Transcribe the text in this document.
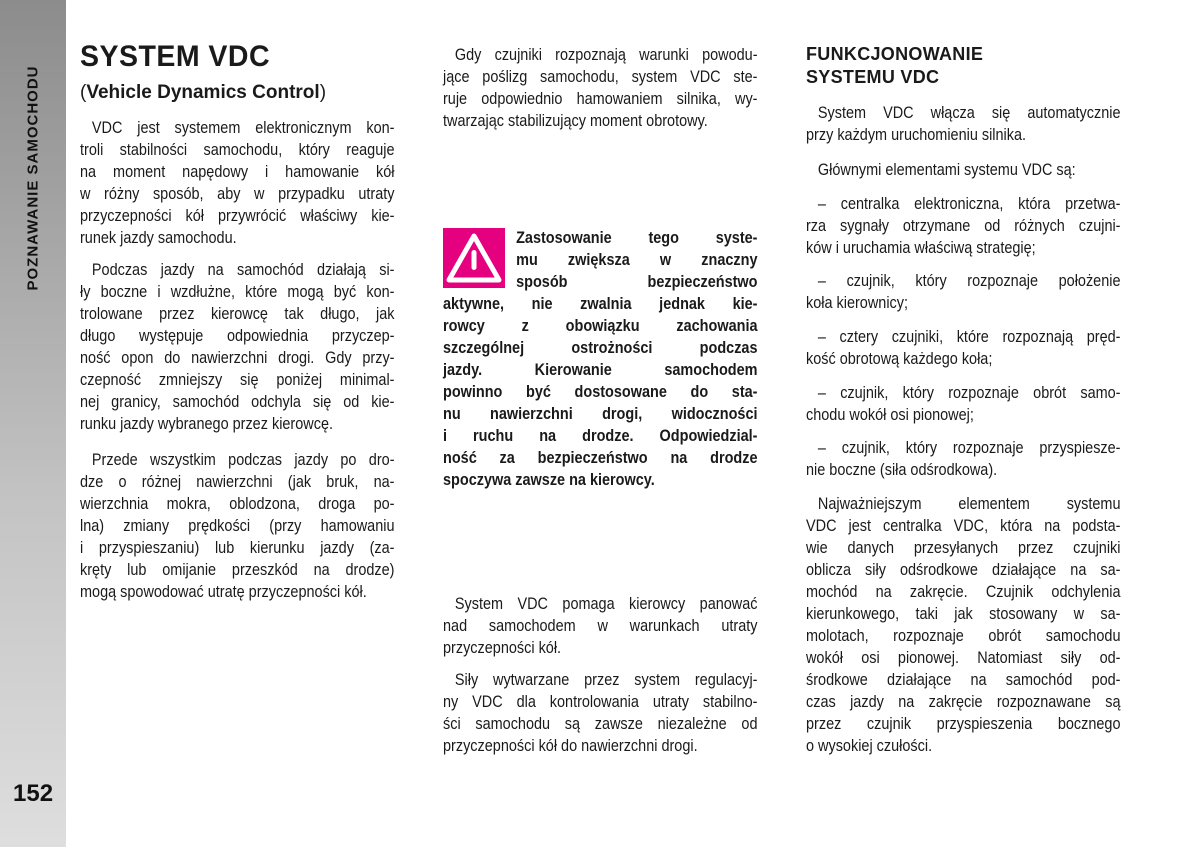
POZNAWANIE SAMOCHODU
152
SYSTEM VDC
(Vehicle Dynamics Control)
VDC jest systemem elektronicznym kon-
troli stabilności samochodu, który reaguje
na moment napędowy i hamowanie kół
w różny sposób, aby w przypadku utraty
przyczepności kół przywrócić właściwy kie-
runek jazdy samochodu.
Podczas jazdy na samochód działają si-
ły boczne i wzdłużne, które mogą być kon-
trolowane przez kierowcę tak długo, jak
długo występuje odpowiednia przyczep-
ność opon do nawierzchni drogi. Gdy przy-
czepność zmniejszy się poniżej minimal-
nej granicy, samochód odchyla się od kie-
runku jazdy wybranego przez kierowcę.
Przede wszystkim podczas jazdy po dro-
dze o różnej nawierzchni (jak bruk, na-
wierzchnia mokra, oblodzona, droga po-
lna) zmiany prędkości (przy hamowaniu
i przyspieszaniu) lub kierunku jazdy (za-
kręty lub omijanie przeszkód na drodze)
mogą spowodować utratę przyczepności kół.
Gdy czujniki rozpoznają warunki powodu-
jące poślizg samochodu, system VDC ste-
ruje odpowiednio hamowaniem silnika, wy-
twarzając stabilizujący moment obrotowy.
Zastosowanie tego syste-
mu zwiększa w znaczny
sposób bezpieczeństwo
aktywne, nie zwalnia jednak kie-
rowcy z obowiązku zachowania
szczególnej ostrożności podczas
jazdy. Kierowanie samochodem
powinno być dostosowane do sta-
nu nawierzchni drogi, widoczności
i ruchu na drodze. Odpowiedzial-
ność za bezpieczeństwo na drodze
spoczywa zawsze na kierowcy.
System VDC pomaga kierowcy panować
nad samochodem w warunkach utraty
przyczepności kół.
Siły wytwarzane przez system regulacyj-
ny VDC dla kontrolowania utraty stabilno-
ści samochodu są zawsze niezależne od
przyczepności kół do nawierzchni drogi.
FUNKCJONOWANIE
SYSTEMU VDC
System VDC włącza się automatycznie
przy każdym uruchomieniu silnika.
Głównymi elementami systemu VDC są:
– centralka elektroniczna, która przetwa-
rza sygnały otrzymane od różnych czujni-
ków i uruchamia właściwą strategię;
– czujnik, który rozpoznaje położenie
koła kierownicy;
– cztery czujniki, które rozpoznają pręd-
kość obrotową każdego koła;
– czujnik, który rozpoznaje obrót samo-
chodu wokół osi pionowej;
– czujnik, który rozpoznaje przyspiesze-
nie boczne (siła odśrodkowa).
Najważniejszym elementem systemu
VDC jest centralka VDC, która na podsta-
wie danych przesyłanych przez czujniki
oblicza siły odśrodkowe działające na sa-
mochód na zakręcie. Czujnik odchylenia
kierunkowego, taki jak stosowany w sa-
molotach, rozpoznaje obrót samochodu
wokół osi pionowej. Natomiast siły od-
środkowe działające na samochód pod-
czas jazdy na zakręcie rozpoznawane są
przez czujnik przyspieszenia bocznego
o wysokiej czułości.
